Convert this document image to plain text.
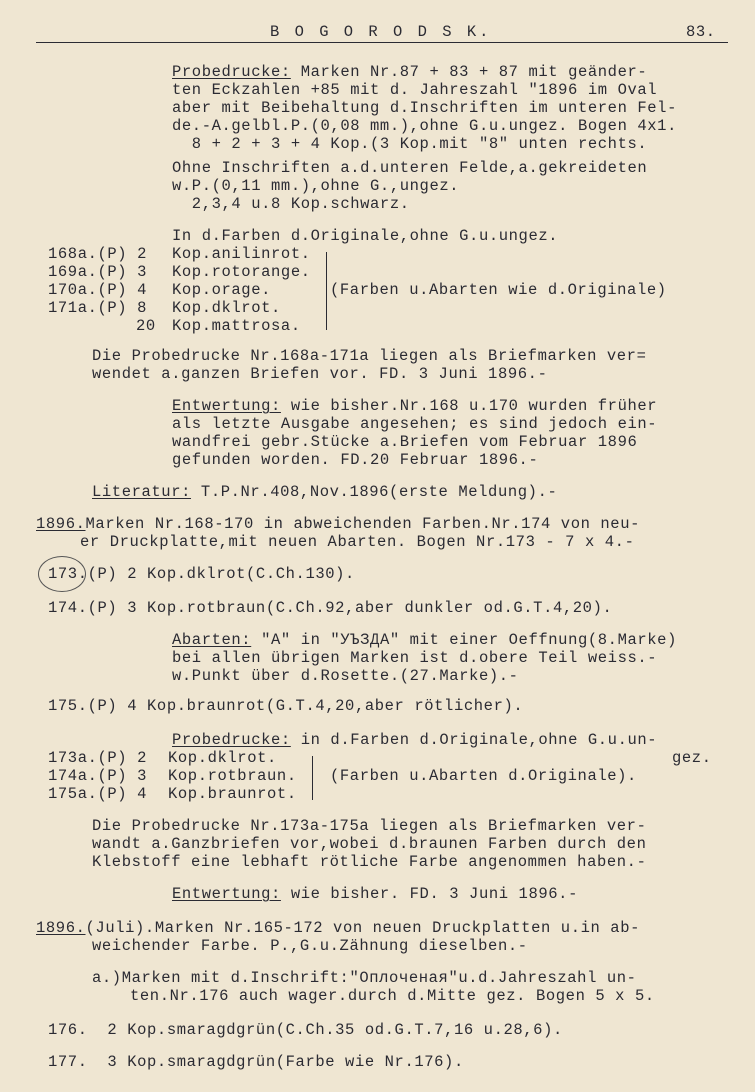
B O G O R O D S K.	83.
Probedrucke: Marken Nr.87 + 83 + 87 mit geänder-
ten Eckzahlen +85 mit d. Jahreszahl "1896 im Oval
aber mit Beibehaltung d.Inschriften im unteren Fel-
de.-A.gelbl.P.(0,08 mm.),ohne G.u.ungez. Bogen 4x1.
8 + 2 + 3 + 4 Kop.(3 Kop.mit "8" unten rechts.
Ohne Inschriften a.d.unteren Felde,a.gekreideten
w.P.(0,11 mm.),ohne G.,ungez.
2,3,4 u.8 Kop.schwarz.
In d.Farben d.Originale,ohne G.u.ungez.
168a.(P) 2 Kop.anilinrot.
169a.(P) 3 Kop.rotorange.
170a.(P) 4 Kop.orage.
171a.(P) 8 Kop.dklrot.
20 Kop.mattrosa.
(Farben u.Abarten wie d.Originale)
Die Probedrucke Nr.168a-171a liegen als Briefmarken ver=
wendet a.ganzen Briefen vor. FD. 3 Juni 1896.-
Entwertung: wie bisher.Nr.168 u.170 wurden früher
als letzte Ausgabe angesehen; es sind jedoch ein-
wandfrei gebr.Stücke a.Briefen vom Februar 1896
gefunden worden. FD.20 Februar 1896.-
Literatur: T.P.Nr.408,Nov.1896(erste Meldung).-
1896.Marken Nr.168-170 in abweichenden Farben.Nr.174 von neu-
er Druckplatte,mit neuen Abarten. Bogen Nr.173 - 7 x 4.-
173.(P) 2 Kop.dklrot(C.Ch.130).
174.(P) 3 Kop.rotbraun(C.Ch.92,aber dunkler od.G.T.4,20).
Abarten: "A" in "УЪЗДА" mit einer Oeffnung(8.Marke)
bei allen übrigen Marken ist d.obere Teil weiss.-
w.Punkt über d.Rosette.(27.Marke).-
175.(P) 4 Kop.braunrot(G.T.4,20,aber rötlicher).
Probedrucke: in d.Farben d.Originale,ohne G.u.un-
gez.
173a.(P) 2 Kop.dklrot.
174a.(P) 3 Kop.rotbraun.
175a.(P) 4 Kop.braunrot.
(Farben u.Abarten d.Originale).
Die Probedrucke Nr.173a-175a liegen als Briefmarken ver-
wandt a.Ganzbriefen vor,wobei d.braunen Farben durch den
Klebstoff eine lebhaft rötliche Farbe angenommen haben.-
Entwertung: wie bisher. FD. 3 Juni 1896.-
1896.(Juli).Marken Nr.165-172 von neuen Druckplatten u.in ab-
weichender Farbe. P.,G.u.Zähnung dieselben.-
a.)Marken mit d.Inschrift:"Оплоченая"u.d.Jahreszahl un-
ten.Nr.176 auch wager.durch d.Mitte gez. Bogen 5 x 5.
176.  2 Kop.smaragdgrün(C.Ch.35 od.G.T.7,16 u.28,6).
177.  3 Kop.smaragdgrün(Farbe wie Nr.176).
